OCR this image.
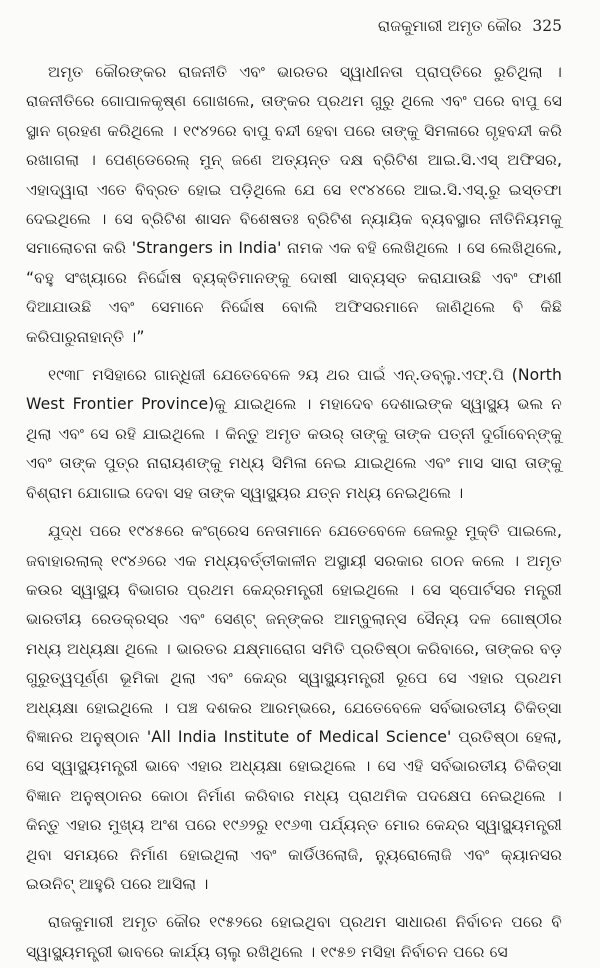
ରାଜକୁମାରୀ ଅମୃତ କୌର 325

ଅମୃତ କୌରଙ୍କର ରାଜନୀତି ଏବଂ ଭାରତର ସ୍ୱାଧୀନତା ପ୍ରାପ୍ତିରେ ରୁଚିଥିଲା । ରାଜନୀତିରେ ଗୋପାଳକୃଷ୍ଣ ଗୋଖଲେ, ତାଙ୍କର ପ୍ରଥମ ଗୁରୁ ଥିଲେ ଏବଂ ପରେ ବାପୁ ସେ ସ୍ଥାନ ଗ୍ରହଣ କରିଥିଲେ । ୧୯୪୨ରେ ବାପୁ ବନ୍ଦୀ ହେବା ପରେ ତାଙ୍କୁ ସିମଳାରେ ଗୃହବନ୍ଦୀ କରି ରଖାଗଲା । ପେଣ୍ଡେରେଲ୍ ମୁନ୍ ଜଣେ ଅତ୍ୟନ୍ତ ଦକ୍ଷ ବ୍ରିଟିଶ ଆଇ.ସି.ଏସ୍ ଅଫିସର, ଏହାଦ୍ୱାରା ଏତେ ବିବ୍ରତ ହୋଇ ପଡ଼ିଥିଲେ ଯେ ସେ ୧୯୪୪ରେ ଆଇ.ସି.ଏସ୍.ରୁ ଇସ୍ତଫା ଦେଇଥିଲେ । ସେ ବ୍ରିଟିଶ ଶାସନ ବିଶେଷତଃ ବ୍ରିଟିଶ ନ୍ୟାୟିକ ବ୍ୟବସ୍ଥାର ନୀତିନିୟମକୁ ସମାଲୋଚନା କରି 'Strangers in India' ନାମକ ଏକ ବହି ଲେଖିଥିଲେ । ସେ ଲେଖିଥିଲେ, “ବହୁ ସଂଖ୍ୟାରେ ନିର୍ଦ୍ଦୋଷ ବ୍ୟକ୍ତିମାନଙ୍କୁ ଦୋଷୀ ସାବ୍ୟସ୍ତ କରାଯାଉଛି ଏବଂ ଫାଶୀ ଦିଆଯାଉଛି ଏବଂ ସେମାନେ ନିର୍ଦ୍ଦୋଷ ବୋଲି ଅଫିସରମାନେ ଜାଣିଥିଲେ ବି କିଛି କରିପାରୁନାହାନ୍ତି ।”

୧୯୩୮ ମସିହାରେ ଗାନ୍ଧିଜୀ ଯେତେବେଳେ ୨ୟ ଥର ପାଇଁ ଏନ୍.ଡବ୍ଲୁ.ଏଫ୍.ପି (North West Frontier Province)କୁ ଯାଇଥିଲେ । ମହାଦେବ ଦେଶାଇଙ୍କ ସ୍ୱାସ୍ଥ୍ୟ ଭଲ ନ ଥିଲା ଏବଂ ସେ ରହି ଯାଇଥିଲେ । କିନ୍ତୁ ଅମୃତ କଉର୍ ତାଙ୍କୁ ତାଙ୍କ ପତ୍ନୀ ଦୁର୍ଗାବେନ୍‌ଙ୍କୁ ଏବଂ ତାଙ୍କ ପୁତ୍ର ନାରାୟଣଙ୍କୁ ମଧ୍ୟ ସିମିଳା ନେଇ ଯାଇଥିଲେ ଏବଂ ମାସ ସାରା ତାଙ୍କୁ ବିଶ୍ରାମ ଯୋଗାଇ ଦେବା ସହ ତାଙ୍କ ସ୍ୱାସ୍ଥ୍ୟର ଯତ୍ନ ମଧ୍ୟ ନେଇଥିଲେ ।

ଯୁଦ୍ଧ ପରେ ୧୯୪୫ରେ କଂଗ୍ରେସ ନେତାମାନେ ଯେତେବେଳେ ଜେଲରୁ ମୁକ୍ତି ପାଇଲେ, ଜବାହାରଲାଲ୍ ୧୯୪୬ରେ ଏକ ମଧ୍ୟବର୍ତ୍ତୀକାଳୀନ ଅସ୍ଥାୟୀ ସରକାର ଗଠନ କଲେ । ଅମୃତ କଉର ସ୍ୱାସ୍ଥ୍ୟ ବିଭାଗର ପ୍ରଥମ କେନ୍ଦ୍ରମନ୍ତ୍ରୀ ହୋଇଥିଲେ । ସେ ସ୍ପୋର୍ଟସର ମନ୍ତ୍ରୀ ଭାରତୀୟ ରେଡକ୍ରସ୍‌ର ଏବଂ ସେଣ୍ଟ୍ ଜନ୍‌ଙ୍କର ଆମ୍ବୁଲାନ୍ସ ସୈନ୍ୟ ଦଳ ଗୋଷ୍ଠୀର ମଧ୍ୟ ଅଧ୍ୟକ୍ଷା ଥିଲେ । ଭାରତର ଯକ୍ଷ୍ମାରୋଗ ସମିତି ପ୍ରତିଷ୍ଠା କରିବାରେ, ତାଙ୍କର ବଡ଼ ଗୁରୁତ୍ୱପୂର୍ଣ୍ଣ ଭୂମିକା ଥିଲା ଏବଂ କେନ୍ଦ୍ର ସ୍ୱାସ୍ଥ୍ୟମନ୍ତ୍ରୀ ରୂପେ ସେ ଏହାର ପ୍ରଥମ ଅଧ୍ୟକ୍ଷା ହୋଇଥିଲେ । ପଞ୍ଚ ଦଶକର ଆରମ୍ଭରେ, ଯେତେବେଳେ ସର୍ବଭାରତୀୟ ଚିକିତ୍ସା ବିଜ୍ଞାନର ଅନୁଷ୍ଠାନ 'All India Institute of Medical Science' ପ୍ରତିଷ୍ଠା ହେଲା, ସେ ସ୍ୱାସ୍ଥ୍ୟମନ୍ତ୍ରୀ ଭାବେ ଏହାର ଅଧ୍ୟକ୍ଷା ହୋଇଥିଲେ । ସେ ଏହି ସର୍ବଭାରତୀୟ ଚିକିତ୍ସା ବିଜ୍ଞାନ ଅନୁଷ୍ଠାନର କୋଠା ନିର୍ମାଣ କରିବାର ମଧ୍ୟ ପ୍ରାଥମିକ ପଦକ୍ଷେପ ନେଇଥିଲେ । କିନ୍ତୁ ଏହାର ମୁଖ୍ୟ ଅଂଶ ପରେ ୧୯୬୨ରୁ ୧୯୬୩ ପର୍ଯ୍ୟନ୍ତ ମୋର କେନ୍ଦ୍ର ସ୍ୱାସ୍ଥ୍ୟମନ୍ତ୍ରୀ ଥିବା ସମୟରେ ନିର୍ମାଣ ହୋଇଥିଲା ଏବଂ କାର୍ଡିଓଲୋଜି, ନ୍ୟୁରୋଲୋଜି ଏବଂ କ୍ୟାନସର ଇଉନିଟ୍ ଆହୁରି ପରେ ଆସିଲା ।

ରାଜକୁମାରୀ ଅମୃତ କୌର ୧୯୫୨ରେ ହୋଇଥିବା ପ୍ରଥମ ସାଧାରଣ ନିର୍ବାଚନ ପରେ ବି ସ୍ୱାସ୍ଥ୍ୟମନ୍ତ୍ରୀ ଭାବରେ କାର୍ଯ୍ୟ ଚାଲୁ ରଖିଥିଲେ । ୧୯୫୭ ମସିହା ନିର୍ବାଚନ ପରେ ସେ
